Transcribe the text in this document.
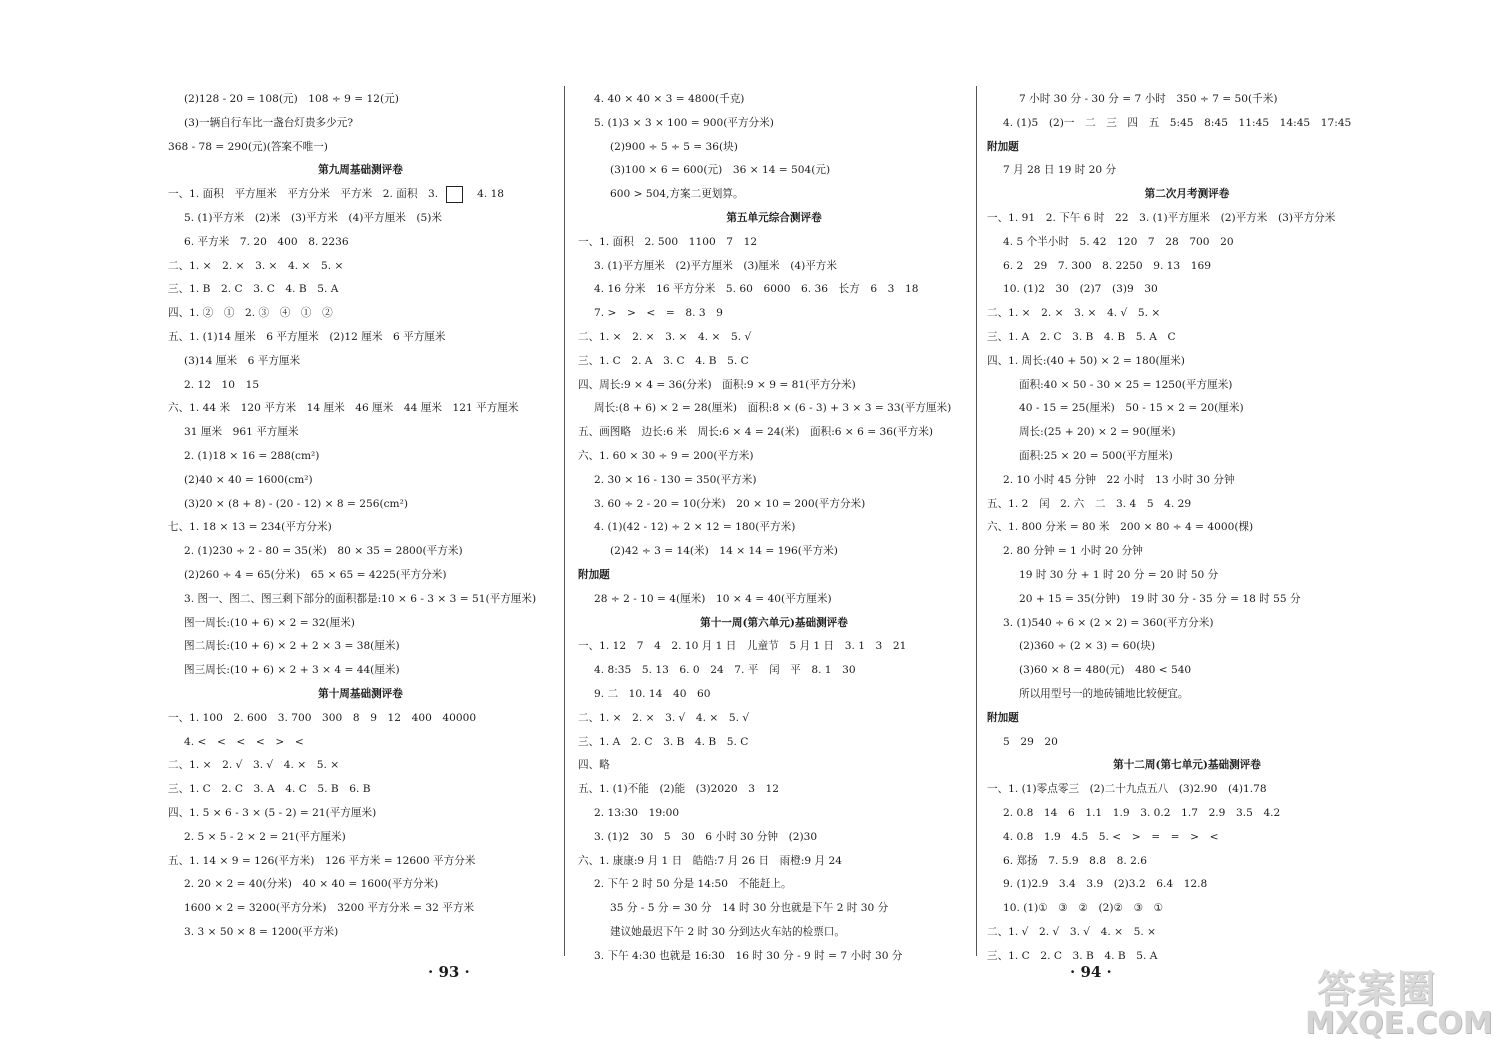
(2)128 - 20 = 108(元)　108 ÷ 9 = 12(元)
(3)一辆自行车比一盏台灯贵多少元?
368 - 78 = 290(元)(答案不唯一)
第九周基础测评卷
一、1. 面积　平方厘米　平方分米　平方米　2. 面积　3. 　4. 18
5. (1)平方米　(2)米　(3)平方米　(4)平方厘米　(5)米
6. 平方米　7. 20　400　8. 2236
二、1. ×　2. ×　3. ×　4. ×　5. ×
三、1. B　2. C　3. C　4. B　5. A
四、1. ②　①　2. ③　④　①　②
五、1. (1)14 厘米　6 平方厘米　(2)12 厘米　6 平方厘米
(3)14 厘米　6 平方厘米
2. 12　10　15
六、1. 44 米　120 平方米　14 厘米　46 厘米　44 厘米　121 平方厘米
31 厘米　961 平方厘米
2. (1)18 × 16 = 288(cm²)
(2)40 × 40 = 1600(cm²)
(3)20 × (8 + 8) - (20 - 12) × 8 = 256(cm²)
七、1. 18 × 13 = 234(平方分米)
2. (1)230 ÷ 2 - 80 = 35(米)　80 × 35 = 2800(平方米)
(2)260 ÷ 4 = 65(分米)　65 × 65 = 4225(平方分米)
3. 图一、图二、图三剩下部分的面积都是:10 × 6 - 3 × 3 = 51(平方厘米)
图一周长:(10 + 6) × 2 = 32(厘米)
图二周长:(10 + 6) × 2 + 2 × 3 = 38(厘米)
图三周长:(10 + 6) × 2 + 3 × 4 = 44(厘米)
第十周基础测评卷
一、1. 100　2. 600　3. 700　300　8　9　12　400　40000
4. <　<　<　<　>　<
二、1. ×　2. √　3. √　4. ×　5. ×
三、1. C　2. C　3. A　4. C　5. B　6. B
四、1. 5 × 6 - 3 × (5 - 2) = 21(平方厘米)
2. 5 × 5 - 2 × 2 = 21(平方厘米)
五、1. 14 × 9 = 126(平方米)　126 平方米 = 12600 平方分米
2. 20 × 2 = 40(分米)　40 × 40 = 1600(平方分米)
1600 × 2 = 3200(平方分米)　3200 平方分米 = 32 平方米
3. 3 × 50 × 8 = 1200(平方米)
4. 40 × 40 × 3 = 4800(千克)
5. (1)3 × 3 × 100 = 900(平方分米)
(2)900 ÷ 5 ÷ 5 = 36(块)
(3)100 × 6 = 600(元)　36 × 14 = 504(元)
600 > 504,方案二更划算。
第五单元综合测评卷
一、1. 面积　2. 500　1100　7　12
3. (1)平方厘米　(2)平方厘米　(3)厘米　(4)平方米
4. 16 分米　16 平方分米　5. 60　6000　6. 36　长方　6　3　18
7. >　>　<　=　8. 3　9
二、1. ×　2. ×　3. ×　4. ×　5. √
三、1. C　2. A　3. C　4. B　5. C
四、周长:9 × 4 = 36(分米)　面积:9 × 9 = 81(平方分米)
周长:(8 + 6) × 2 = 28(厘米)　面积:8 × (6 - 3) + 3 × 3 = 33(平方厘米)
五、画图略　边长:6 米　周长:6 × 4 = 24(米)　面积:6 × 6 = 36(平方米)
六、1. 60 × 30 ÷ 9 = 200(平方米)
2. 30 × 16 - 130 = 350(平方米)
3. 60 ÷ 2 - 20 = 10(分米)　20 × 10 = 200(平方分米)
4. (1)(42 - 12) ÷ 2 × 12 = 180(平方米)
(2)42 ÷ 3 = 14(米)　14 × 14 = 196(平方米)
附加题
28 ÷ 2 - 10 = 4(厘米)　10 × 4 = 40(平方厘米)
第十一周(第六单元)基础测评卷
一、1. 12　7　4　2. 10 月 1 日　儿童节　5 月 1 日　3. 1　3　21
4. 8:35　5. 13　6. 0　24　7. 平　闰　平　8. 1　30
9. 二　10. 14　40　60
二、1. ×　2. ×　3. √　4. ×　5. √
三、1. A　2. C　3. B　4. B　5. C
四、略
五、1. (1)不能　(2)能　(3)2020　3　12
2. 13:30　19:00
3. (1)2　30　5　30　6 小时 30 分钟　(2)30
六、1. 康康:9 月 1 日　皓皓:7 月 26 日　雨橙:9 月 24
2. 下午 2 时 50 分是 14:50　不能赶上。
35 分 - 5 分 = 30 分　14 时 30 分也就是下午 2 时 30 分
建议她最迟下午 2 时 30 分到达火车站的检票口。
3. 下午 4:30 也就是 16:30　16 时 30 分 - 9 时 = 7 小时 30 分
7 小时 30 分 - 30 分 = 7 小时　350 ÷ 7 = 50(千米)
4. (1)5　(2)一　二　三　四　五　5:45　8:45　11:45　14:45　17:45
附加题
7 月 28 日 19 时 20 分
第二次月考测评卷
一、1. 91　2. 下午 6 时　22　3. (1)平方厘米　(2)平方米　(3)平方分米
4. 5 个半小时　5. 42　120　7　28　700　20
6. 2　29　7. 300　8. 2250　9. 13　169
10. (1)2　30　(2)7　(3)9　30
二、1. ×　2. ×　3. ×　4. √　5. ×
三、1. A　2. C　3. B　4. B　5. A　C
四、1. 周长:(40 + 50) × 2 = 180(厘米)
面积:40 × 50 - 30 × 25 = 1250(平方厘米)
40 - 15 = 25(厘米)　50 - 15 × 2 = 20(厘米)
周长:(25 + 20) × 2 = 90(厘米)
面积:25 × 20 = 500(平方厘米)
2. 10 小时 45 分钟　22 小时　13 小时 30 分钟
五、1. 2　闰　2. 六　二　3. 4　5　4. 29
六、1. 800 分米 = 80 米　200 × 80 ÷ 4 = 4000(棵)
2. 80 分钟 = 1 小时 20 分钟
19 时 30 分 + 1 时 20 分 = 20 时 50 分
20 + 15 = 35(分钟)　19 时 30 分 - 35 分 = 18 时 55 分
3. (1)540 ÷ 6 × (2 × 2) = 360(平方分米)
(2)360 ÷ (2 × 3) = 60(块)
(3)60 × 8 = 480(元)　480 < 540
所以用型号一的地砖铺地比较便宜。
附加题
5　29　20
第十二周(第七单元)基础测评卷
一、1. (1)零点零三　(2)二十九点五八　(3)2.90　(4)1.78
2. 0.8　14　6　1.1　1.9　3. 0.2　1.7　2.9　3.5　4.2
4. 0.8　1.9　4.5　5. <　>　=　=　>　<
6. 郑扬　7. 5.9　8.8　8. 2.6
9. (1)2.9　3.4　3.9　(2)3.2　6.4　12.8
10. (1)①　③　②　(2)②　③　①
二、1. √　2. √　3. √　4. ×　5. ×
三、1. C　2. C　3. B　4. B　5. A
· 93 ·	· 94 ·	答案圈
MXQE.COM
